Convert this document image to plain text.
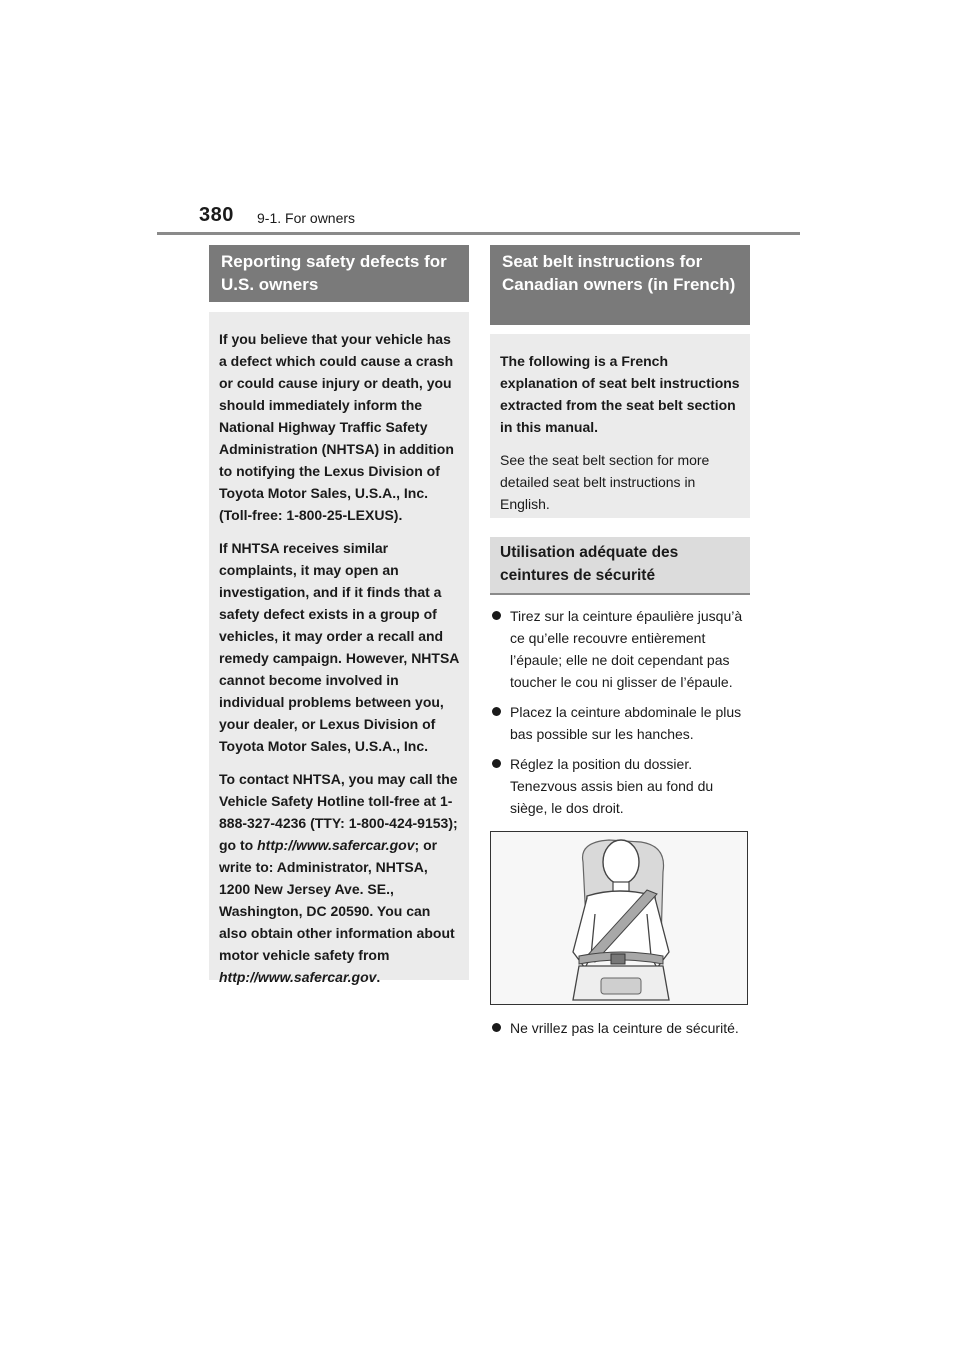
380 9-1. For owners
Reporting safety defects for U.S. owners

If you believe that your vehicle has a defect which could cause a crash or could cause injury or death, you should immediately inform the National Highway Traffic Safety Administration (NHTSA) in addition to notifying the Lexus Division of Toyota Motor Sales, U.S.A., Inc. (Toll-free: 1-800-25-LEXUS).

If NHTSA receives similar complaints, it may open an investigation, and if it finds that a safety defect exists in a group of vehicles, it may order a recall and remedy campaign. However, NHTSA cannot become involved in individual problems between you, your dealer, or Lexus Division of Toyota Motor Sales, U.S.A., Inc.

To contact NHTSA, you may call the Vehicle Safety Hotline toll-free at 1-888-327-4236 (TTY: 1-800-424-9153); go to http://www.safercar.gov; or write to: Administrator, NHTSA, 1200 New Jersey Ave. SE., Washington, DC 20590. You can also obtain other information about motor vehicle safety from http://www.safercar.gov.

Seat belt instructions for Canadian owners (in French)

The following is a French explanation of seat belt instructions extracted from the seat belt section in this manual.

See the seat belt section for more detailed seat belt instructions in English.

Utilisation adéquate des ceintures de sécurité
Tirez sur la ceinture épaulière jusqu’à ce qu’elle recouvre entièrement l’épaule; elle ne doit cependant pas toucher le cou ni glisser de l’épaule.
Placez la ceinture abdominale le plus bas possible sur les hanches.
Réglez la position du dossier. Tenezvous assis bien au fond du siège, le dos droit.
Ne vrillez pas la ceinture de sécurité.
